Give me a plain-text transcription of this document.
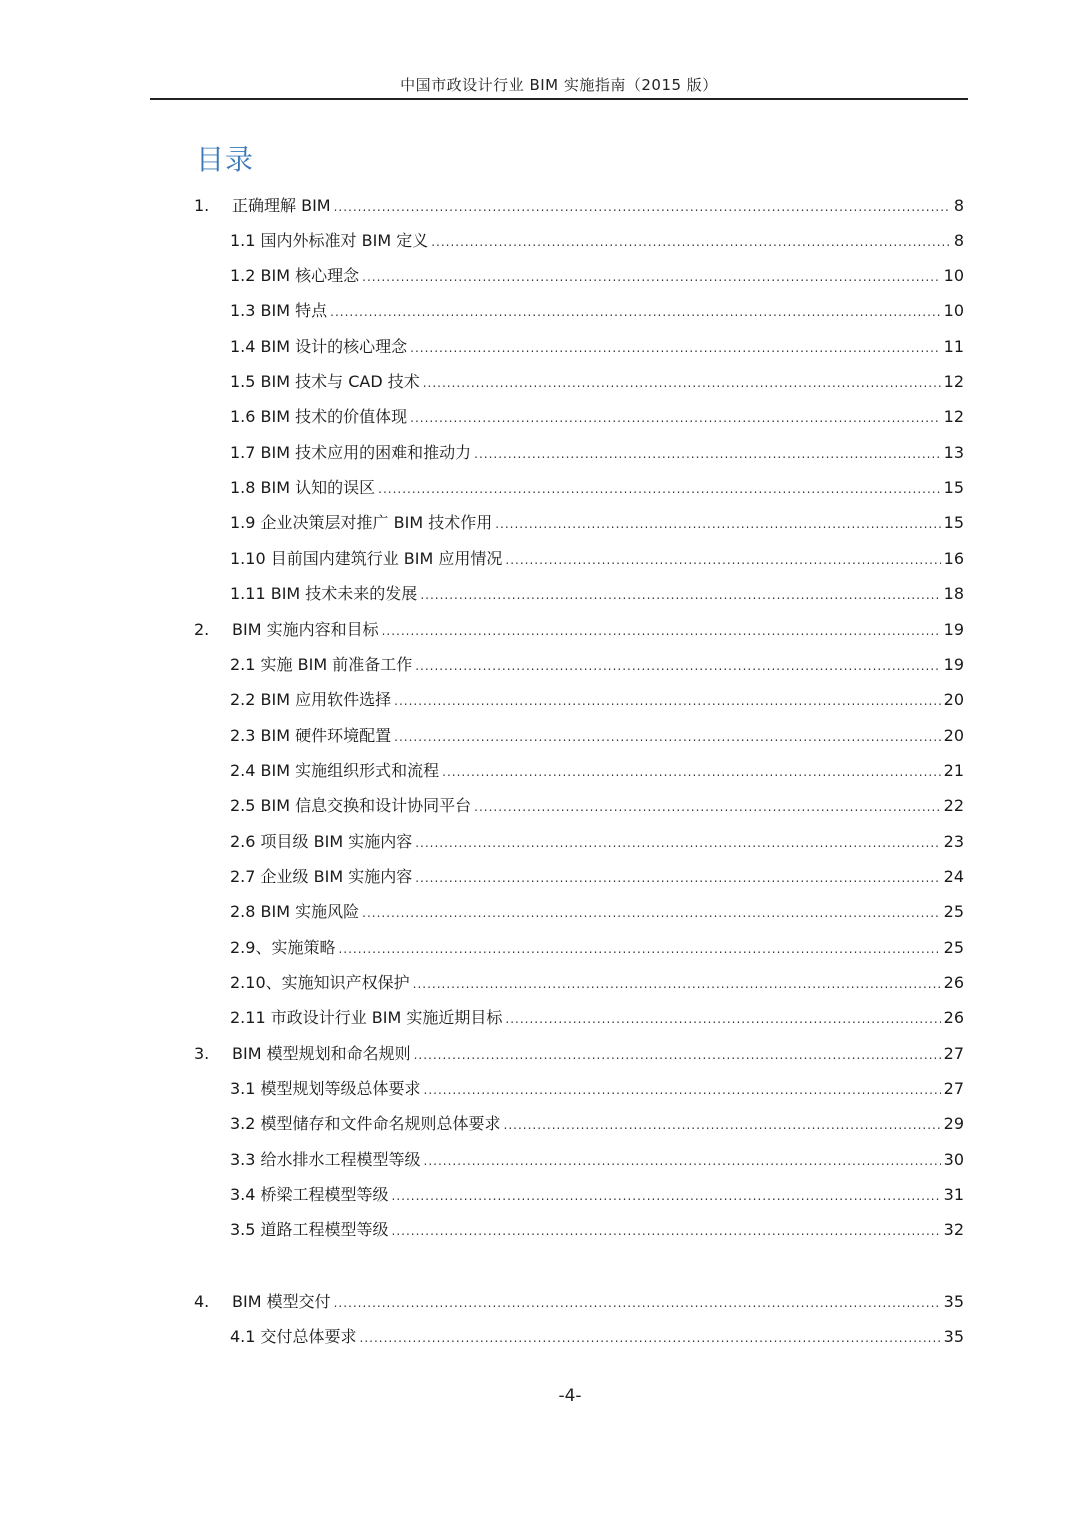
中国市政设计行业 BIM 实施指南（2015 版）
目录
1.	正确理解 BIM .....	8
1.1 国内外标准对 BIM 定义 .....	8
1.2 BIM 核心理念 .....	10
1.3 BIM 特点 .....	10
1.4 BIM 设计的核心理念 .....	11
1.5 BIM 技术与 CAD 技术 .....	12
1.6 BIM 技术的价值体现 .....	12
1.7 BIM 技术应用的困难和推动力 .....	13
1.8 BIM 认知的误区 .....	15
1.9 企业决策层对推广 BIM 技术作用 .....	15
1.10 目前国内建筑行业 BIM 应用情况 .....	16
1.11 BIM 技术未来的发展 .....	18
2.	BIM 实施内容和目标 .....	19
2.1 实施 BIM 前准备工作 .....	19
2.2 BIM 应用软件选择 .....	20
2.3 BIM 硬件环境配置 .....	20
2.4 BIM 实施组织形式和流程 .....	21
2.5 BIM 信息交换和设计协同平台 .....	22
2.6 项目级 BIM 实施内容 .....	23
2.7 企业级 BIM 实施内容 .....	24
2.8 BIM 实施风险 .....	25
2.9、实施策略 .....	25
2.10、实施知识产权保护 .....	26
2.11 市政设计行业 BIM 实施近期目标 .....	26
3.	BIM 模型规划和命名规则 .....	27
3.1 模型规划等级总体要求 .....	27
3.2 模型储存和文件命名规则总体要求 .....	29
3.3 给水排水工程模型等级 .....	30
3.4 桥梁工程模型等级 .....	31
3.5 道路工程模型等级 .....	32
4.	BIM 模型交付 .....	35
4.1 交付总体要求 .....	35
-4-
